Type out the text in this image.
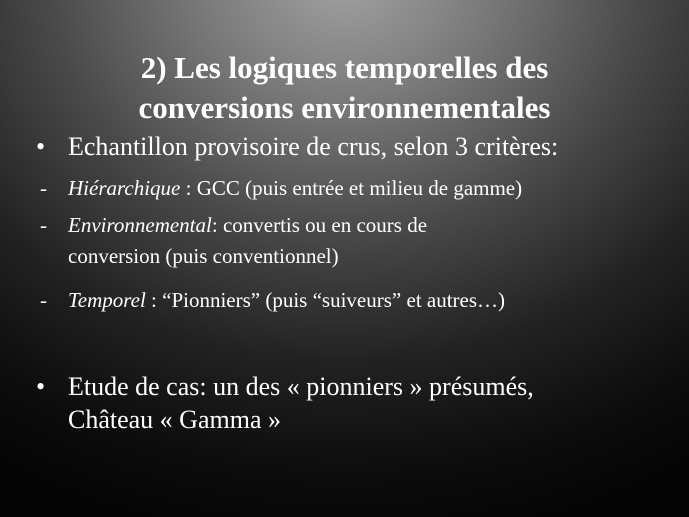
2) Les logiques temporelles des
conversions environnementales
• Echantillon provisoire de crus, selon 3 critères:
- Hiérarchique : GCC (puis entrée et milieu de gamme)
- Environnemental: convertis ou en cours de
conversion (puis conventionnel)
- Temporel : “Pionniers” (puis “suiveurs” et autres…)
• Etude de cas: un des « pionniers » présumés,
Château « Gamma »
